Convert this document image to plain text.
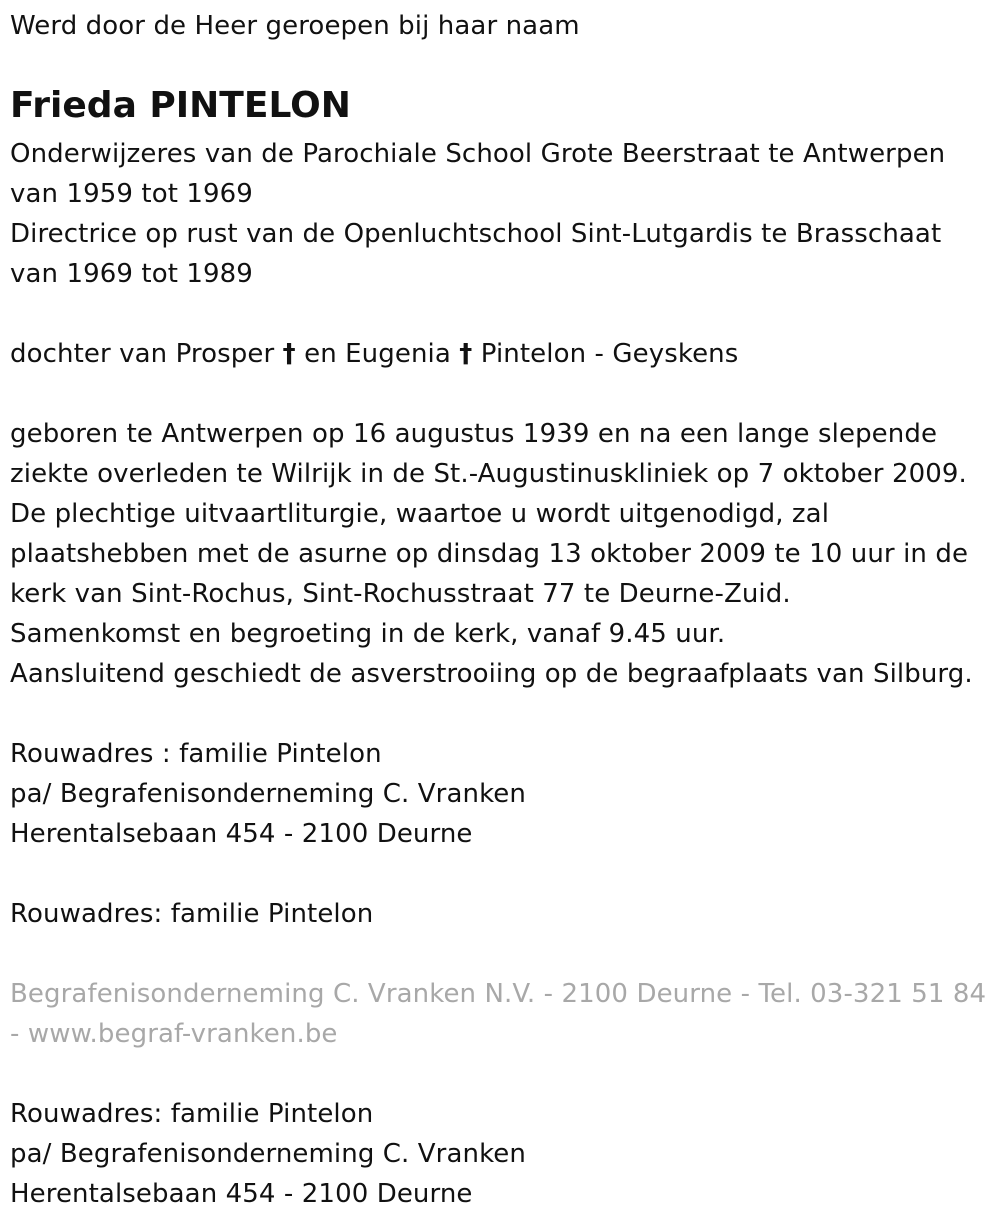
Werd door de Heer geroepen bij haar naam
Frieda PINTELON
Onderwijzeres van de Parochiale School Grote Beerstraat te Antwerpen
van 1959 tot 1969
Directrice op rust van de Openluchtschool Sint-Lutgardis te Brasschaat
van 1969 tot 1989
dochter van Prosper † en Eugenia † Pintelon - Geyskens
geboren te Antwerpen op 16 augustus 1939 en na een lange slepende
ziekte overleden te Wilrijk in de St.-Augustinuskliniek op 7 oktober 2009.
De plechtige uitvaartliturgie, waartoe u wordt uitgenodigd, zal
plaatshebben met de asurne op dinsdag 13 oktober 2009 te 10 uur in de
kerk van Sint-Rochus, Sint-Rochusstraat 77 te Deurne-Zuid.
Samenkomst en begroeting in de kerk, vanaf 9.45 uur.
Aansluitend geschiedt de asverstrooiing op de begraafplaats van Silburg.
Rouwadres : familie Pintelon
pa/ Begrafenisonderneming C. Vranken
Herentalsebaan 454 - 2100 Deurne
Rouwadres: familie Pintelon
Begrafenisonderneming C. Vranken N.V. - 2100 Deurne - Tel. 03-321 51 84
- www.begraf-vranken.be
Rouwadres: familie Pintelon
pa/ Begrafenisonderneming C. Vranken
Herentalsebaan 454 - 2100 Deurne
